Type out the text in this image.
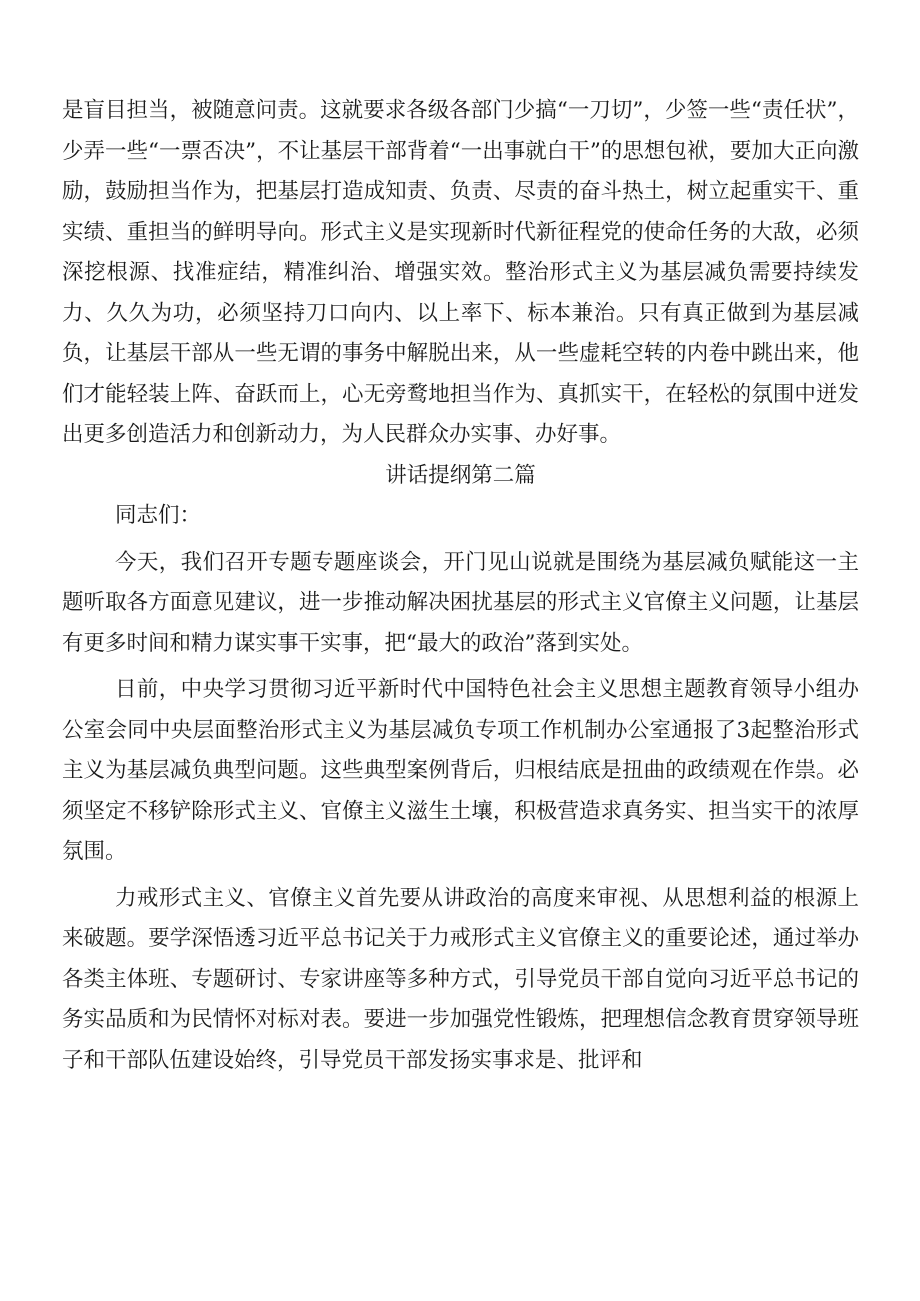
是盲目担当，被随意问责。这就要求各级各部门少搞“一刀切”，少签一些“责任状”，少弄一些“一票否决”，不让基层干部背着“一出事就白干”的思想包袱，要加大正向激励，鼓励担当作为，把基层打造成知责、负责、尽责的奋斗热土，树立起重实干、重实绩、重担当的鲜明导向。形式主义是实现新时代新征程党的使命任务的大敌，必须深挖根源、找准症结，精准纠治、增强实效。整治形式主义为基层减负需要持续发力、久久为功，必须坚持刀口向内、以上率下、标本兼治。只有真正做到为基层减负，让基层干部从一些无谓的事务中解脱出来，从一些虚耗空转的内卷中跳出来，他们才能轻装上阵、奋跃而上，心无旁鹜地担当作为、真抓实干，在轻松的氛围中迸发出更多创造活力和创新动力，为人民群众办实事、办好事。

讲话提纲第二篇

同志们：

今天，我们召开专题专题座谈会，开门见山说就是围绕为基层减负赋能这一主题听取各方面意见建议，进一步推动解决困扰基层的形式主义官僚主义问题，让基层有更多时间和精力谋实事干实事，把“最大的政治”落到实处。

日前，中央学习贯彻习近平新时代中国特色社会主义思想主题教育领导小组办公室会同中央层面整治形式主义为基层减负专项工作机制办公室通报了3起整治形式主义为基层减负典型问题。这些典型案例背后，归根结底是扭曲的政绩观在作祟。必须坚定不移铲除形式主义、官僚主义滋生土壤，积极营造求真务实、担当实干的浓厚氛围。

力戒形式主义、官僚主义首先要从讲政治的高度来审视、从思想利益的根源上来破题。要学深悟透习近平总书记关于力戒形式主义官僚主义的重要论述，通过举办各类主体班、专题研讨、专家讲座等多种方式，引导党员干部自觉向习近平总书记的务实品质和为民情怀对标对表。要进一步加强党性锻炼，把理想信念教育贯穿领导班子和干部队伍建设始终，引导党员干部发扬实事求是、批评和
